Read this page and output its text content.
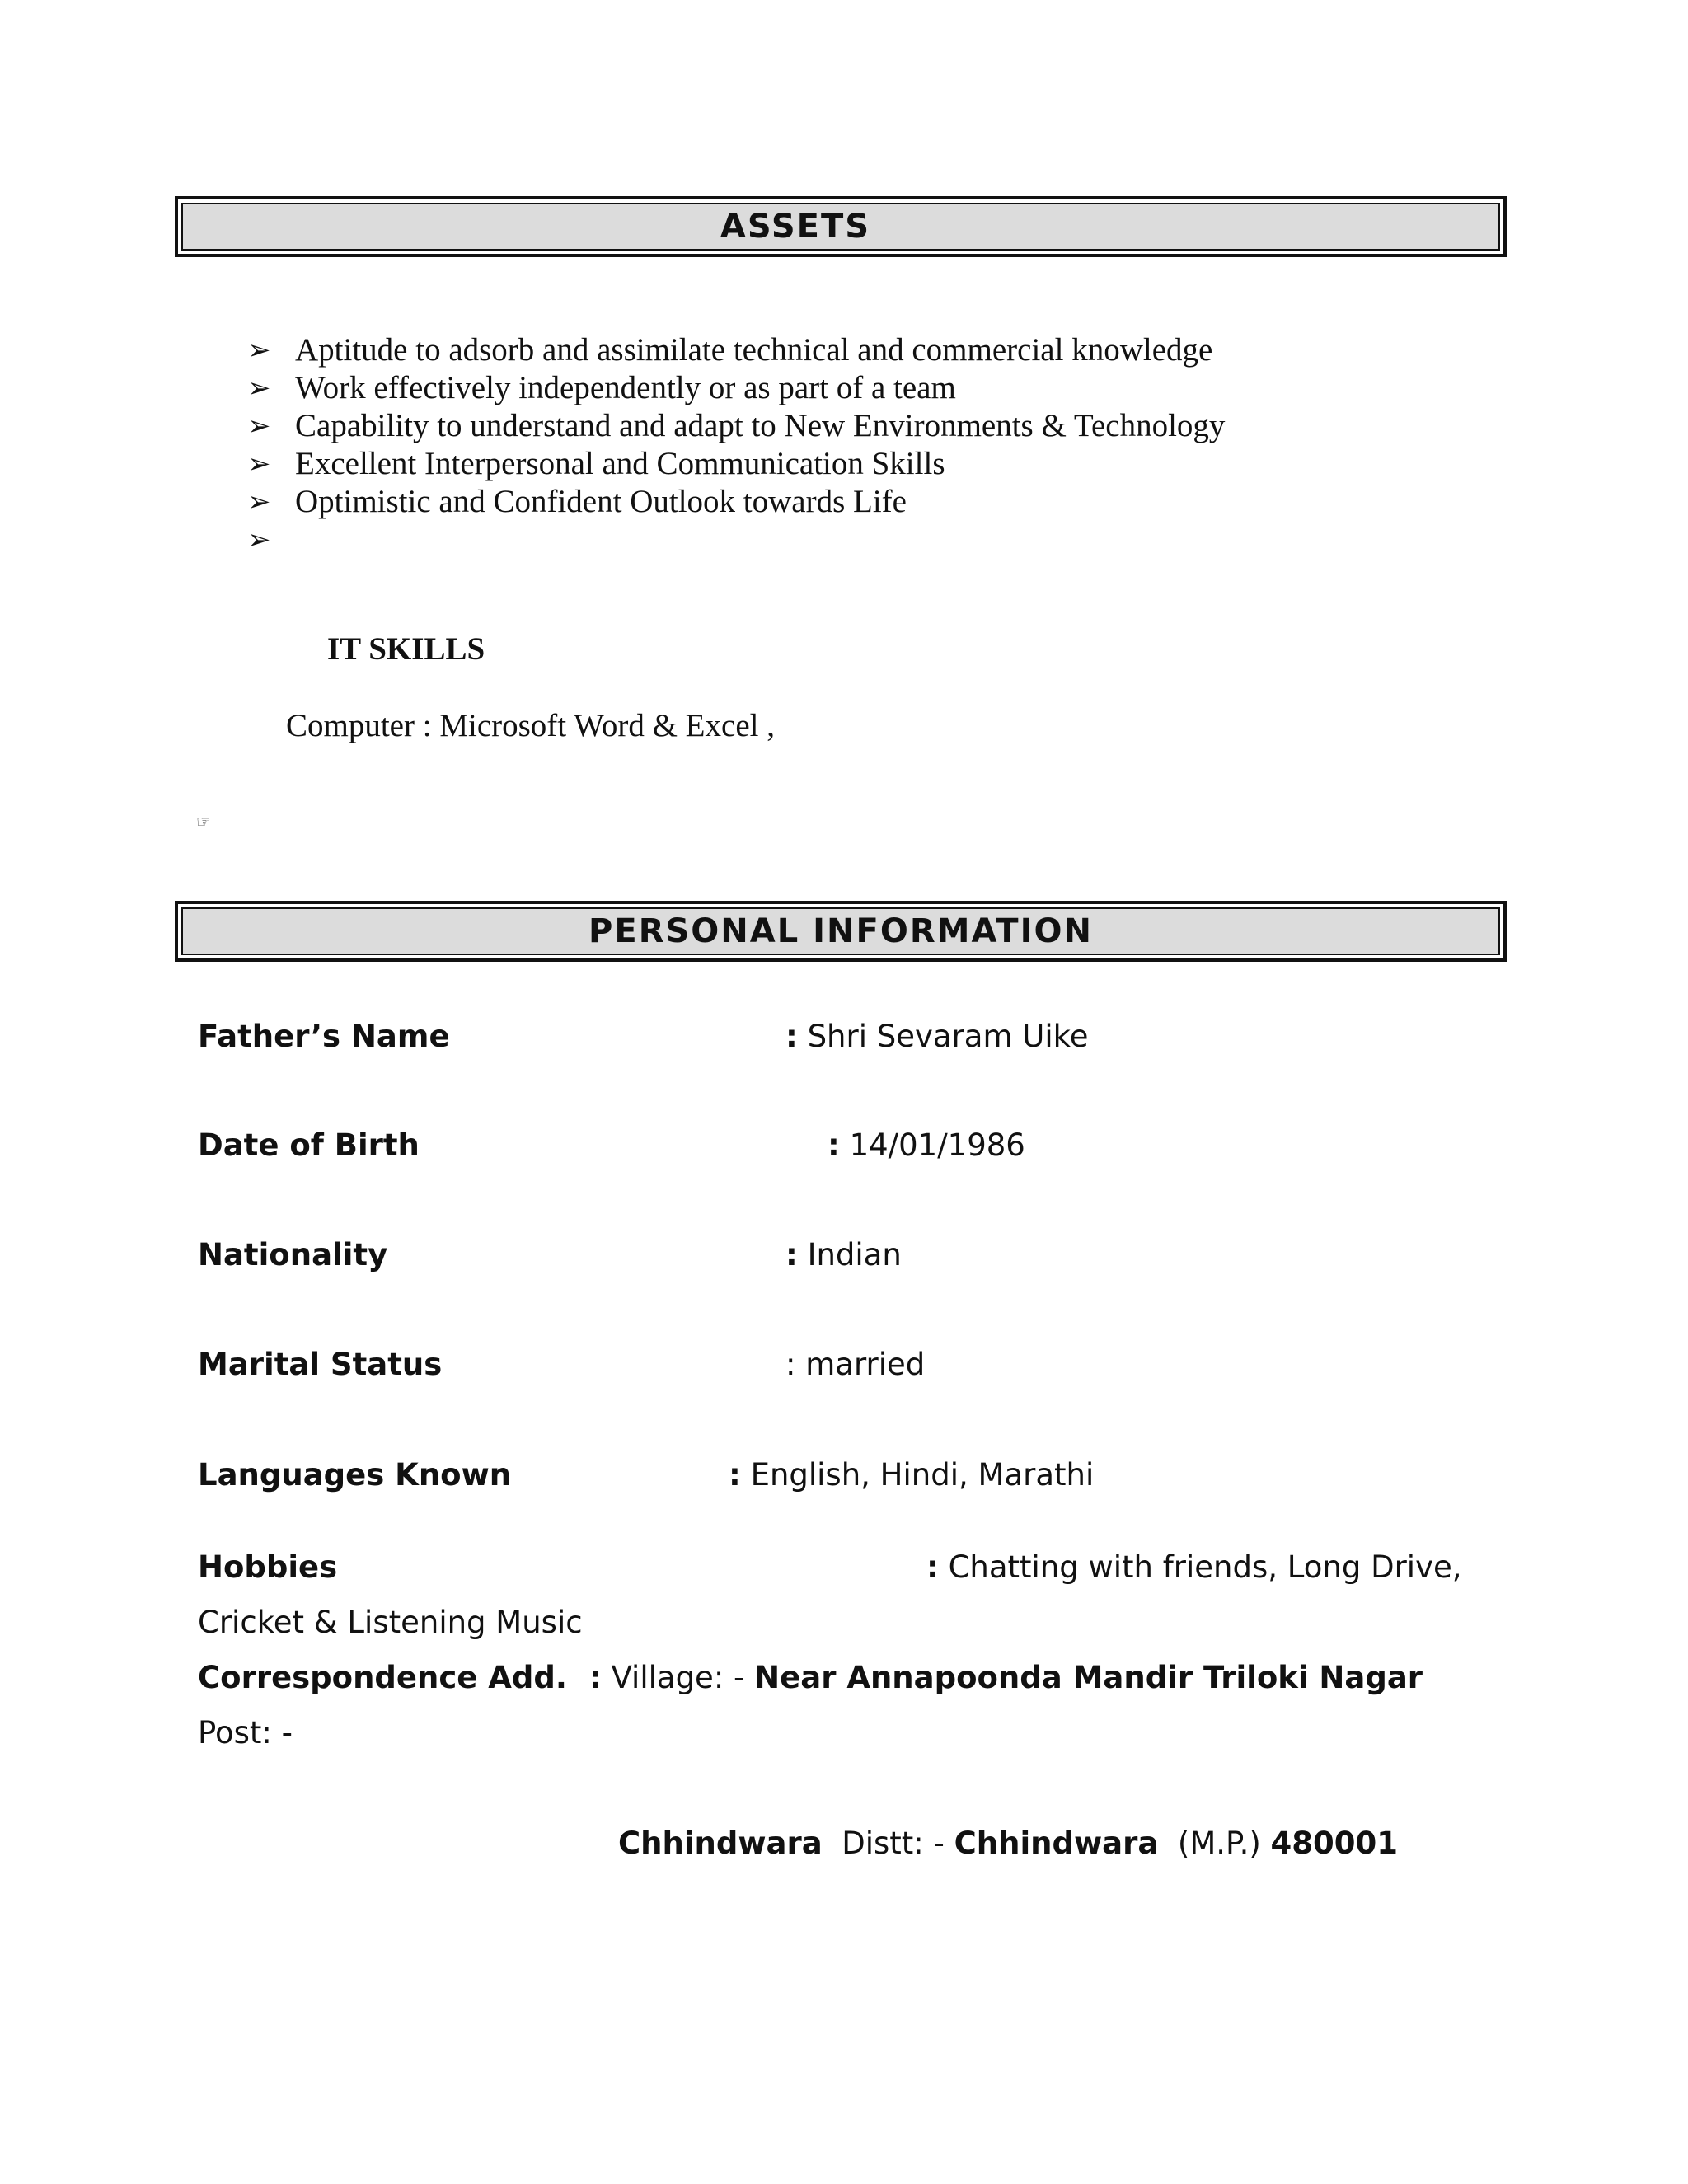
ASSETS
➢ Aptitude to adsorb and assimilate technical and commercial knowledge
➢ Work effectively independently or as part of a team
➢ Capability to understand and adapt to New Environments & Technology
➢ Excellent Interpersonal and Communication Skills
➢ Optimistic and Confident Outlook towards Life
➢
IT SKILLS
Computer : Microsoft Word & Excel ,
☞
PERSONAL INFORMATION
Father’s Name	: Shri Sevaram Uike
Date of Birth	: 14/01/1986
Nationality	: Indian
Marital Status	: married
Languages Known	: English, Hindi, Marathi
Hobbies	: Chatting with friends, Long Drive,
Cricket & Listening Music
Correspondence Add. : Village: - Near Annapoonda Mandir Triloki Nagar
Post: -
Chhindwara Distt: - Chhindwara (M.P.) 480001
